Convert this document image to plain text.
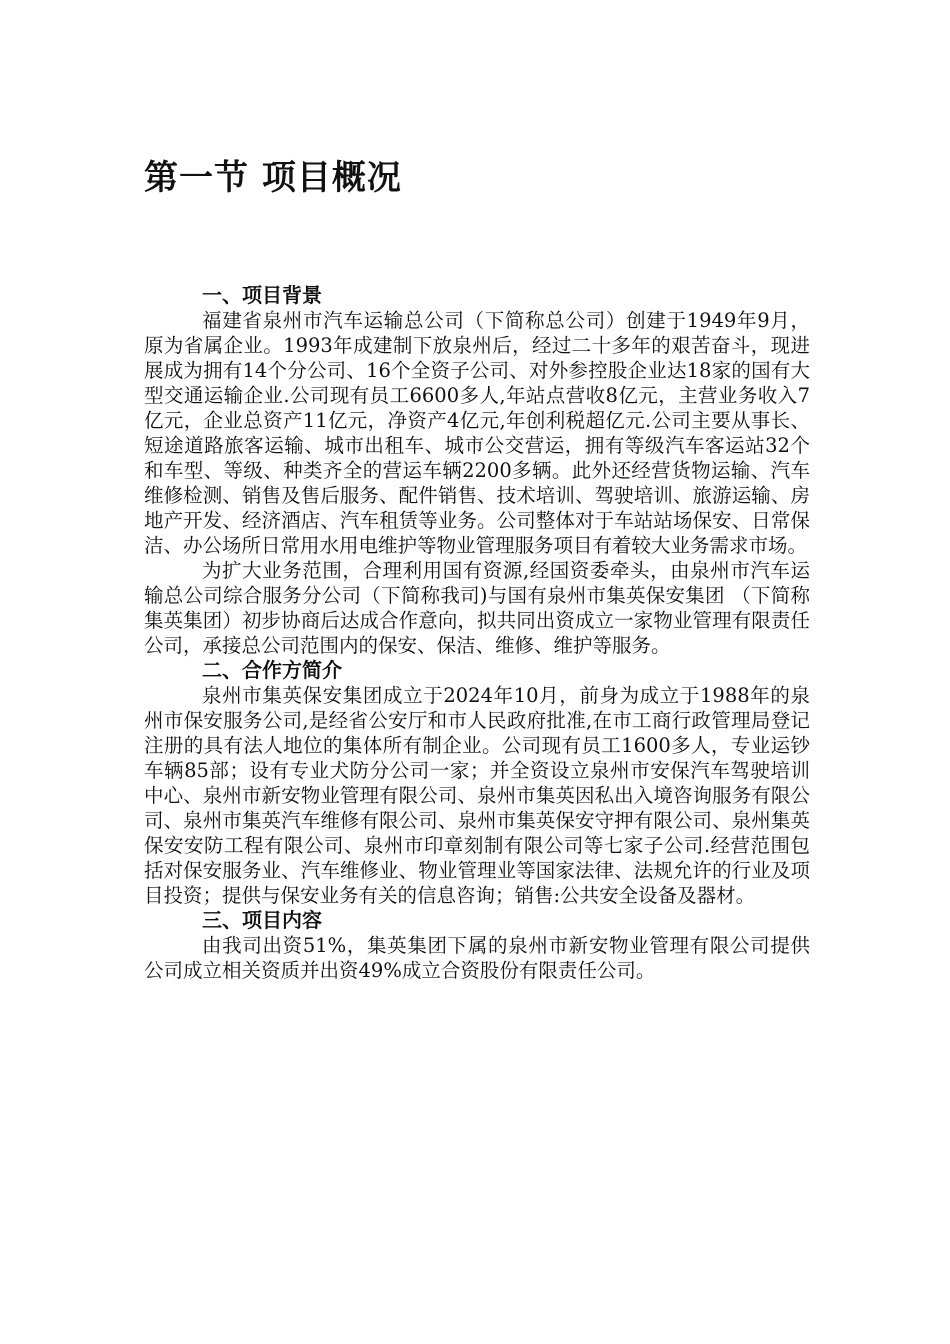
第一节 项目概况
一、项目背景

福建省泉州市汽车运输总公司（下简称总公司）创建于1949年9月，原为省属企业。1993年成建制下放泉州后，经过二十多年的艰苦奋斗，现进展成为拥有14个分公司、16个全资子公司、对外参控股企业达18家的国有大型交通运输企业.公司现有员工6600多人,年站点营收8亿元，主营业务收入7亿元，企业总资产11亿元，净资产4亿元,年创利税超亿元.公司主要从事长、短途道路旅客运输、城市出租车、城市公交营运，拥有等级汽车客运站32个和车型、等级、种类齐全的营运车辆2200多辆。此外还经营货物运输、汽车维修检测、销售及售后服务、配件销售、技术培训、驾驶培训、旅游运输、房地产开发、经济酒店、汽车租赁等业务。公司整体对于车站站场保安、日常保洁、办公场所日常用水用电维护等物业管理服务项目有着较大业务需求市场。

为扩大业务范围，合理利用国有资源,经国资委牵头，由泉州市汽车运输总公司综合服务分公司（下简称我司)与国有泉州市集英保安集团 （下简称集英集团）初步协商后达成合作意向，拟共同出资成立一家物业管理有限责任公司，承接总公司范围内的保安、保洁、维修、维护等服务。

二、合作方简介

泉州市集英保安集团成立于2024年10月，前身为成立于1988年的泉州市保安服务公司,是经省公安厅和市人民政府批准,在市工商行政管理局登记注册的具有法人地位的集体所有制企业。公司现有员工1600多人，专业运钞车辆85部；设有专业犬防分公司一家；并全资设立泉州市安保汽车驾驶培训中心、泉州市新安物业管理有限公司、泉州市集英因私出入境咨询服务有限公司、泉州市集英汽车维修有限公司、泉州市集英保安守押有限公司、泉州集英保安安防工程有限公司、泉州市印章刻制有限公司等七家子公司.经营范围包括对保安服务业、汽车维修业、物业管理业等国家法律、法规允许的行业及项目投资；提供与保安业务有关的信息咨询；销售:公共安全设备及器材。

三、项目内容

由我司出资51%，集英集团下属的泉州市新安物业管理有限公司提供公司成立相关资质并出资49%成立合资股份有限责任公司。
